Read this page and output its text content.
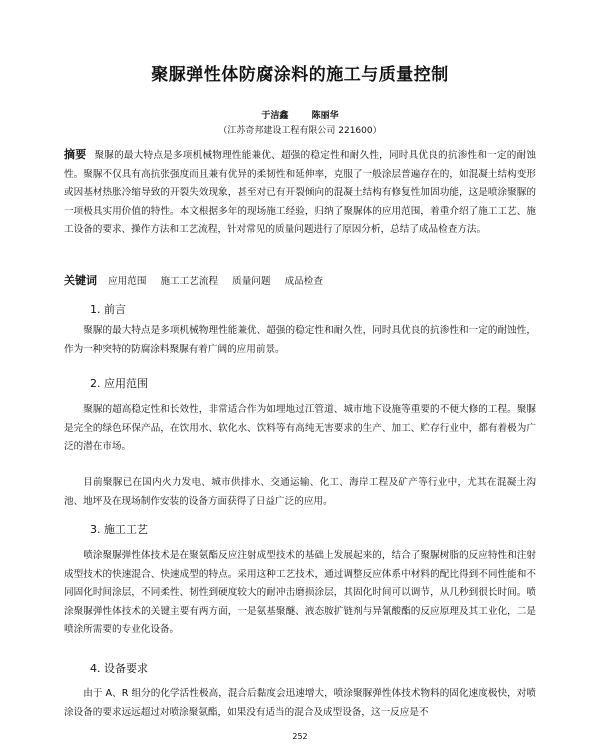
聚脲弹性体防腐涂料的施工与质量控制
于洁鑫	陈丽华
（江苏奇邦建设工程有限公司 221600）

摘要 聚脲的最大特点是多项机械物理性能兼优、超强的稳定性和耐久性，同时具优良的抗渗性和一定的耐蚀性。聚脲不仅具有高抗张强度而且兼有优异的柔韧性和延伸率，克服了一般涂层普遍存在的，如混凝土结构变形或因基材热胀冷缩导致的开裂失效现象，甚至对已有开裂倾向的混凝土结构有修复性加固功能，这是喷涂聚脲的一项极具实用价值的特性。本文根据多年的现场施工经验，归纳了聚脲体的应用范围，着重介绍了施工工艺、施工设备的要求、操作方法和工艺流程，针对常见的质量问题进行了原因分析，总结了成品检查方法。

关键词 应用范围 施工工艺流程 质量问题 成品检查
1. 前言

聚脲的最大特点是多项机械物理性能兼优、超强的稳定性和耐久性，同时具优良的抗渗性和一定的耐蚀性，作为一种突特的防腐涂料聚脲有着广阔的应用前景。

2. 应用范围

聚脲的超高稳定性和长效性，非常适合作为如埋地过江管道、城市地下设施等重要的不便大修的工程。聚脲是完全的绿色环保产品，在饮用水、软化水、饮料等有高纯无害要求的生产、加工、贮存行业中，都有着极为广泛的潜在市场。

目前聚脲已在国内火力发电、城市供排水、交通运输、化工、海岸工程及矿产等行业中，尤其在混凝土沟池、地坪及在现场制作安装的设备方面获得了日益广泛的应用。

3. 施工工艺

喷涂聚脲弹性体技术是在聚氨酯反应注射成型技术的基础上发展起来的，结合了聚脲树脂的反应特性和注射成型技术的快速混合、快速成型的特点。采用这种工艺技术，通过调整反应体系中材料的配比得到不同性能和不同固化时间涂层，不同柔性、韧性到硬度较大的耐冲击磨损涂层，其固化时间可以调节，从几秒到很长时间。喷涂聚脲弹性体技术的关键主要有两方面，一是氨基聚醚、液态胺扩链剂与异氰酸酯的反应原理及其工业化，二是喷涂所需要的专业化设备。

4. 设备要求

由于 A、R 组分的化学活性极高，混合后黏度会迅速增大，喷涂聚脲弹性体技术物料的固化速度极快，对喷涂设备的要求远远超过对喷涂聚氨酯，如果没有适当的混合及成型设备，这一反应是不

252
